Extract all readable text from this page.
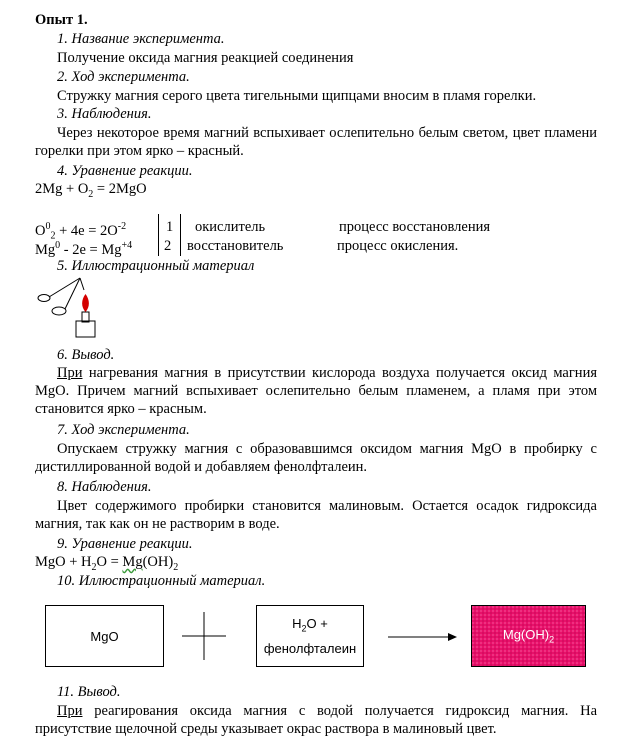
Опыт 1.
1. Название эксперимента.
Получение оксида магния реакцией соединения
2. Ход эксперимента.
Стружку магния серого цвета тигельными щипцами вносим в пламя горелки.
3. Наблюдения.
Через некоторое время магний вспыхивает ослепительно белым светом, цвет пламени горелки при этом ярко – красный.
4. Уравнение реакции.
$2Mg + O_2 = 2MgO$
$O^0_2 + 4e = 2O^{-2}$
$Mg^0 - 2e = Mg^{+4}$
1
2
окислитель
восстановитель
процесс восстановления
процесс окисления.
5. Иллюстрационный материал
6. Вывод.
При нагревания магния в присутствии кислорода воздуха получается оксид магния MgO. Причем магний вспыхивает ослепительно белым пламенем, а пламя при этом становится ярко – красным.
7. Ход эксперимента.
Опускаем стружку магния с образовавшимся оксидом магния MgO в пробирку с дистиллированной водой и добавляем фенолфталеин.
8. Наблюдения.
Цвет содержимого пробирки становится малиновым. Остается осадок гидроксида магния, так как он не растворим в воде.
9. Уравнение реакции.
MgO + $H_2O = Mg(OH)_2$
10. Иллюстрационный материал.
MgO
$H_2O$ +
фенолфталеин
$Mg(OH)_2$
11. Вывод.
При реагирования оксида магния с водой получается гидроксид магния. На присутствие щелочной среды указывает окрас раствора в малиновый цвет.
